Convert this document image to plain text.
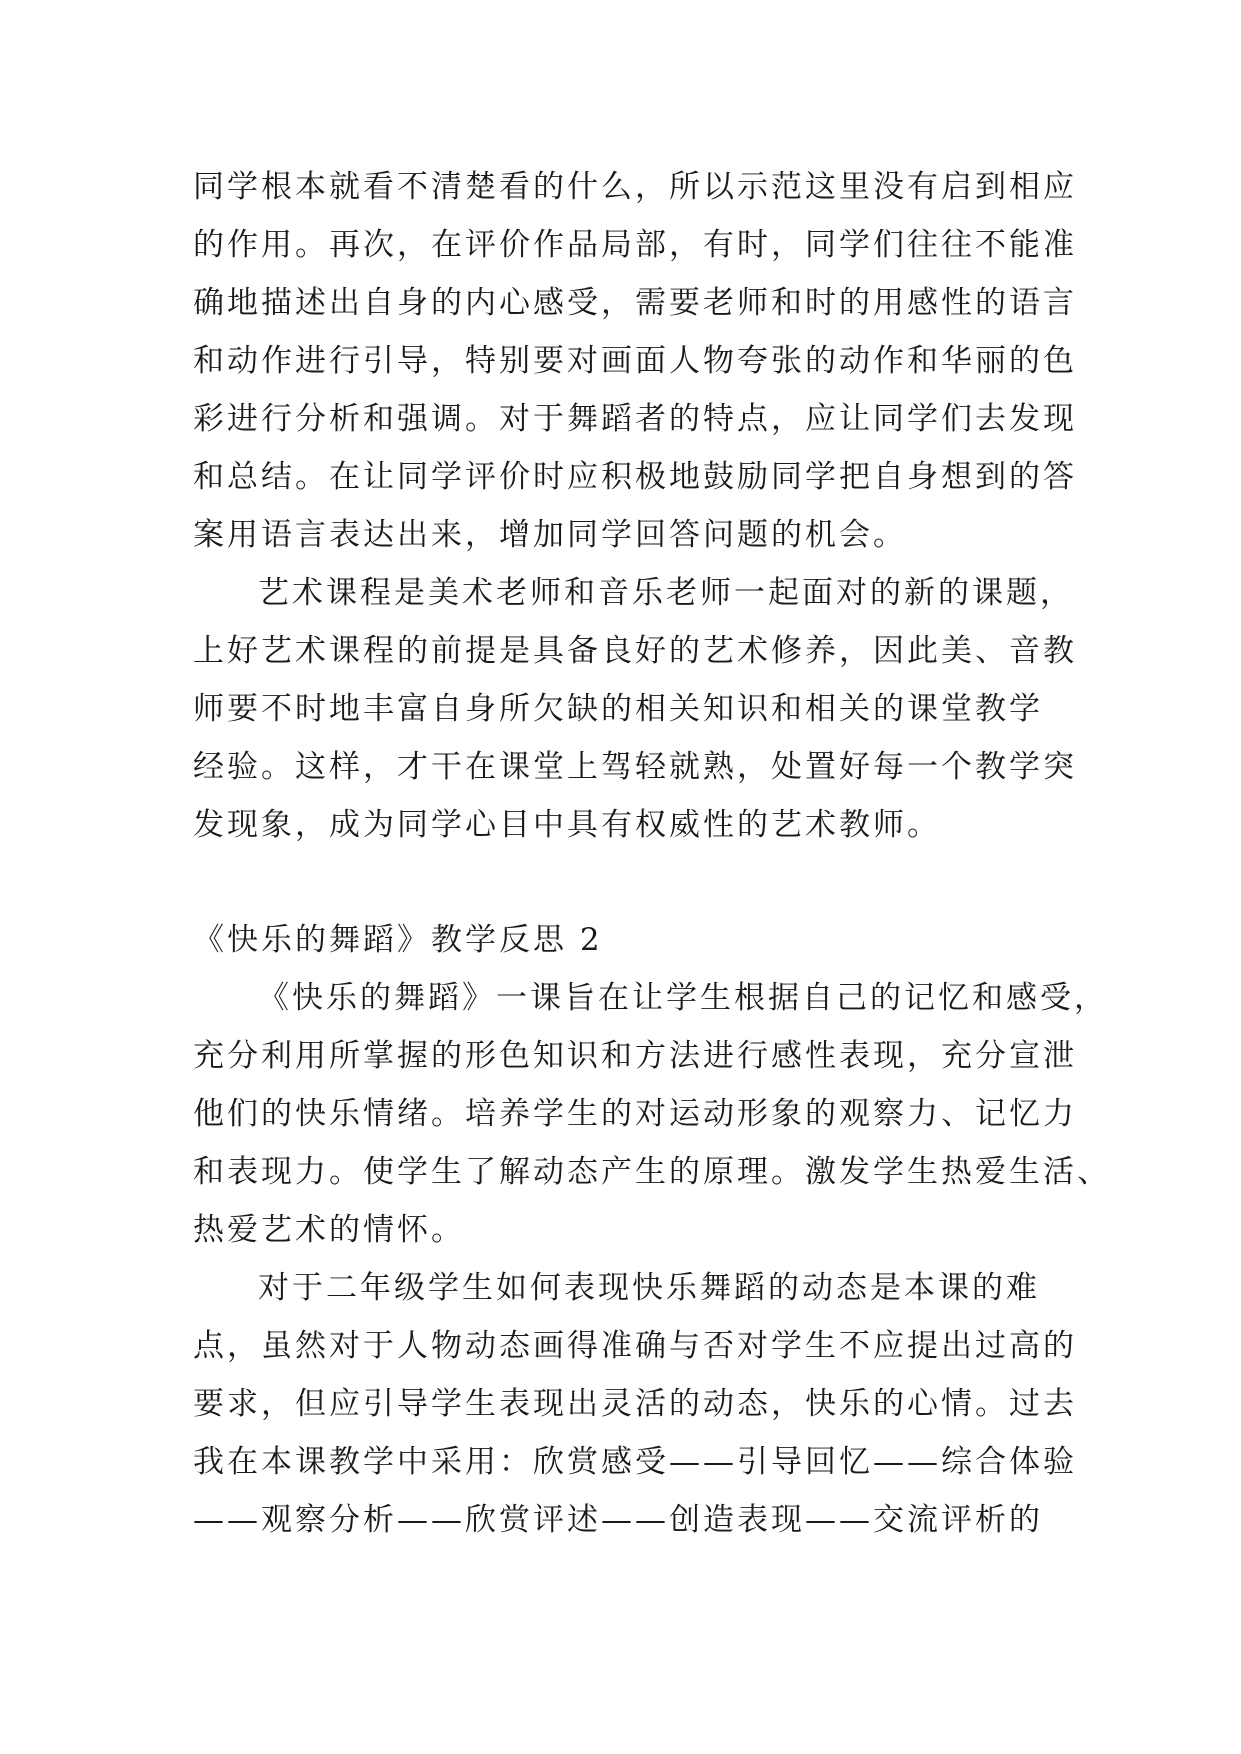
同学根本就看不清楚看的什么，所以示范这里没有启到相应
的作用。再次，在评价作品局部，有时，同学们往往不能准
确地描述出自身的内心感受，需要老师和时的用感性的语言
和动作进行引导，特别要对画面人物夸张的动作和华丽的色
彩进行分析和强调。对于舞蹈者的特点，应让同学们去发现
和总结。在让同学评价时应积极地鼓励同学把自身想到的答
案用语言表达出来，增加同学回答问题的机会。
艺术课程是美术老师和音乐老师一起面对的新的课题，
上好艺术课程的前提是具备良好的艺术修养，因此美、音教
师要不时地丰富自身所欠缺的相关知识和相关的课堂教学
经验。这样，才干在课堂上驾轻就熟，处置好每一个教学突
发现象，成为同学心目中具有权威性的艺术教师。
《快乐的舞蹈》教学反思 2
《快乐的舞蹈》一课旨在让学生根据自己的记忆和感受，
充分利用所掌握的形色知识和方法进行感性表现，充分宣泄
他们的快乐情绪。培养学生的对运动形象的观察力、记忆力
和表现力。使学生了解动态产生的原理。激发学生热爱生活、
热爱艺术的情怀。
对于二年级学生如何表现快乐舞蹈的动态是本课的难
点，虽然对于人物动态画得准确与否对学生不应提出过高的
要求，但应引导学生表现出灵活的动态，快乐的心情。过去
我在本课教学中采用：欣赏感受——引导回忆——综合体验
——观察分析——欣赏评述——创造表现——交流评析的
